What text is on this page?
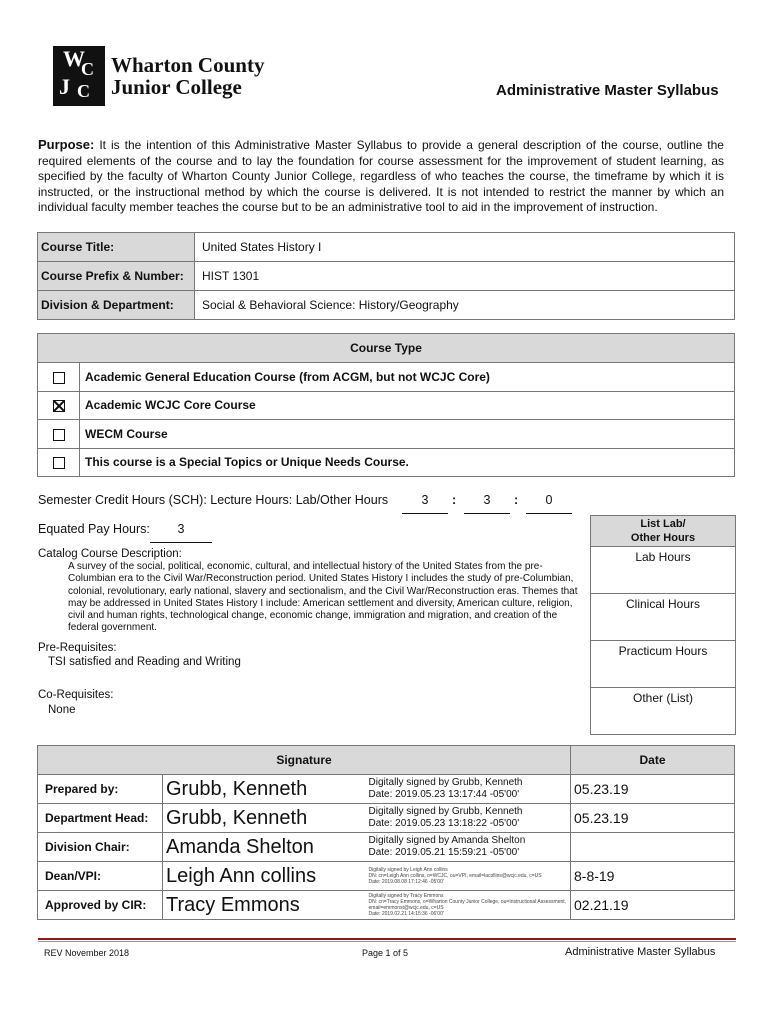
W
C
J C
Wharton County
Junior College	Administrative Master Syllabus
Purpose: It is the intention of this Administrative Master Syllabus to provide a general description of the course, outline the required elements of the course and to lay the foundation for course assessment for the improvement of student learning, as specified by the faculty of Wharton County Junior College, regardless of who teaches the course, the timeframe by which it is instructed, or the instructional method by which the course is delivered. It is not intended to restrict the manner by which an individual faculty member teaches the course but to be an administrative tool to aid in the improvement of instruction.
Course Title:	United States History I
Course Prefix & Number:	HIST 1301
Division & Department:	Social & Behavioral Science: History/Geography
Course Type	
	Academic General Education Course (from ACGM, but not WCJC Core)
	Academic WCJC Core Course
	WECM Course
	This course is a Special Topics or Unique Needs Course.
Semester Credit Hours (SCH): Lecture Hours: Lab/Other Hours	3	:	3	:	0
Equated Pay Hours:	3	List Lab/
Other Hours
Lab Hours
Clinical Hours
Practicum Hours
Other (List)
Catalog Course Description:
A survey of the social, political, economic, cultural, and intellectual history of the United States from the pre-Columbian era to the Civil War/Reconstruction period. United States History I includes the study of pre-Columbian, colonial, revolutionary, early national, slavery and sectionalism, and the Civil War/Reconstruction eras. Themes that may be addressed in United States History I include: American settlement and diversity, American culture, religion, civil and human rights, technological change, economic change, immigration and migration, and creation of the federal government.
Pre-Requisites:
TSI satisfied and Reading and Writing
Co-Requisites:
None
Signature			Date
Prepared by:	Grubb, Kenneth	Digitally signed by Grubb, Kenneth
Date: 2019.05.23 13:17:44 -05'00'	05.23.19
Department Head:	Grubb, Kenneth	Digitally signed by Grubb, Kenneth
Date: 2019.05.23 13:18:22 -05'00'	05.23.19
Division Chair:	Amanda Shelton	Digitally signed by Amanda Shelton
Date: 2019.05.21 15:59:21 -05'00'	

Dean/VPI:	Leigh Ann collins	Digitally signed by Leigh Ann collins
DN: cn=Leigh Ann collins, o=WCJC, ou=VPI, email=lacollins@wcjc.edu, c=US
Date: 2019.08.08 17:12:46 -05'00'	8-8-19
Approved by CIR:	Tracy Emmons	Digitally signed by Tracy Emmons
DN: cn=Tracy Emmons, o=Wharton County Junior College, ou=Instructional Assessment, email=emmonst@wcjc.edu, c=US
Date: 2019.02.21 14:15:36 -06'00'	02.21.19
REV November 2018	Page 1 of 5	Administrative Master Syllabus
